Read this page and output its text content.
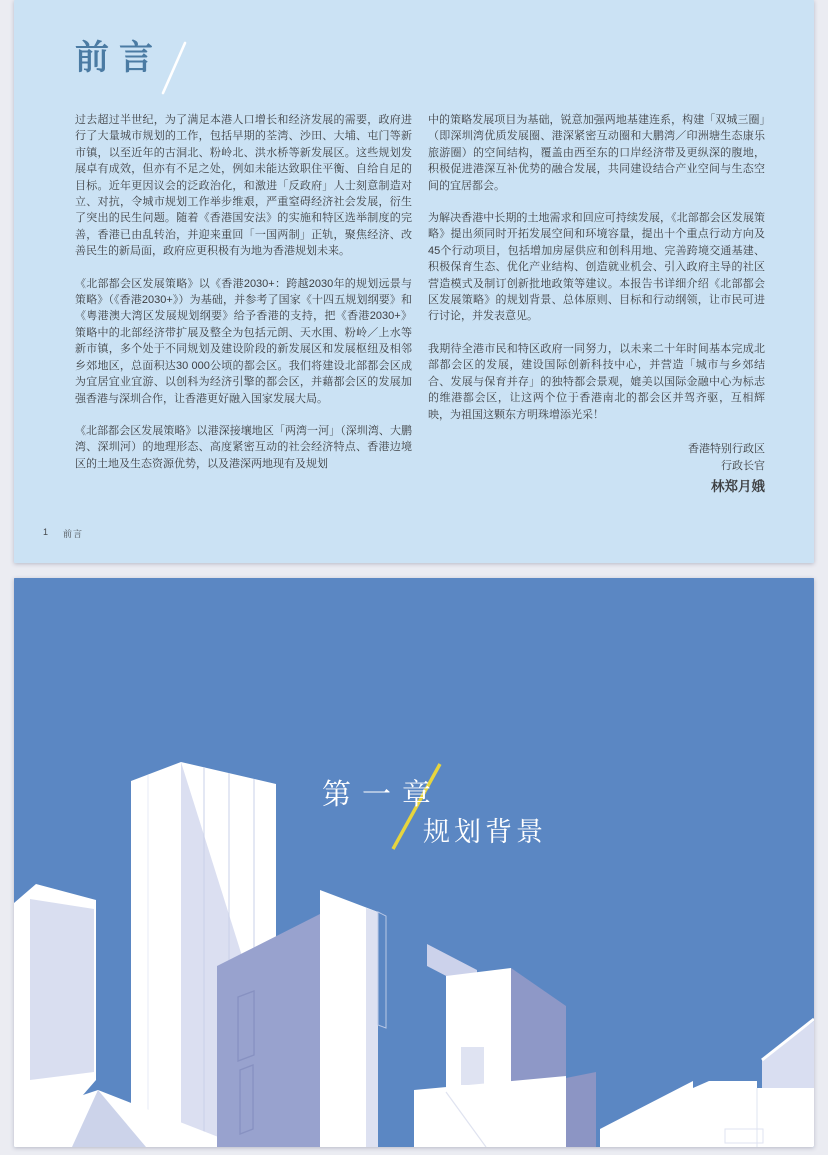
前言

过去超过半世纪，为了满足本港人口增长和经济发展的需要，政府进行了大量城市规划的工作，包括早期的荃湾、沙田、大埔、屯门等新市镇，以至近年的古洞北、粉岭北、洪水桥等新发展区。这些规划发展卓有成效，但亦有不足之处，例如未能达致职住平衡、自给自足的目标。近年更因议会的泛政治化，和激进「反政府」人士刻意制造对立、对抗，令城市规划工作举步维艰，严重窒碍经济社会发展，衍生了突出的民生问题。随着《香港国安法》的实施和特区选举制度的完善，香港已由乱转治，并迎来重回「一国两制」正轨，聚焦经济、改善民生的新局面，政府应更积极有为地为香港规划未来。

《北部都会区发展策略》以《香港2030+：跨越2030年的规划远景与策略》（《香港2030+》）为基础，并参考了国家《十四五规划纲要》和《粤港澳大湾区发展规划纲要》给予香港的支持，把《香港2030+》策略中的北部经济带扩展及整全为包括元朗、天水围、粉岭／上水等新市镇，多个处于不同规划及建设阶段的新发展区和发展枢纽及相邻乡郊地区，总面积达30 000公顷的都会区。我们将建设北部都会区成为宜居宜业宜游、以创科为经济引擎的都会区，并藉都会区的发展加强香港与深圳合作，让香港更好融入国家发展大局。

《北部都会区发展策略》以港深接壤地区「两湾一河」（深圳湾、大鹏湾、深圳河）的地理形态、高度紧密互动的社会经济特点、香港边境区的土地及生态资源优势，以及港深两地现有及规划

中的策略发展项目为基础，锐意加强两地基建连系，构建「双城三圈」（即深圳湾优质发展圈、港深紧密互动圈和大鹏湾／印洲塘生态康乐旅游圈）的空间结构，覆盖由西至东的口岸经济带及更纵深的腹地，积极促进港深互补优势的融合发展，共同建设结合产业空间与生态空间的宜居都会。

为解决香港中长期的土地需求和回应可持续发展，《北部都会区发展策略》提出须同时开拓发展空间和环境容量，提出十个重点行动方向及45个行动项目，包括增加房屋供应和创科用地、完善跨境交通基建、积极保育生态、优化产业结构、创造就业机会、引入政府主导的社区营造模式及制订创新批地政策等建议。本报告书详细介绍《北部都会区发展策略》的规划背景、总体原则、目标和行动纲领，让市民可进行讨论，并发表意见。

我期待全港市民和特区政府一同努力，以未来二十年时间基本完成北部都会区的发展，建设国际创新科技中心，并营造「城市与乡郊结合、发展与保育并存」的独特都会景观，媲美以国际金融中心为标志的维港都会区，让这两个位于香港南北的都会区并驾齐驱，互相辉映，为祖国这颗东方明珠增添光采！

香港特别行政区
行政长官
林郑月娥
1 前言
第一章
规划背景
